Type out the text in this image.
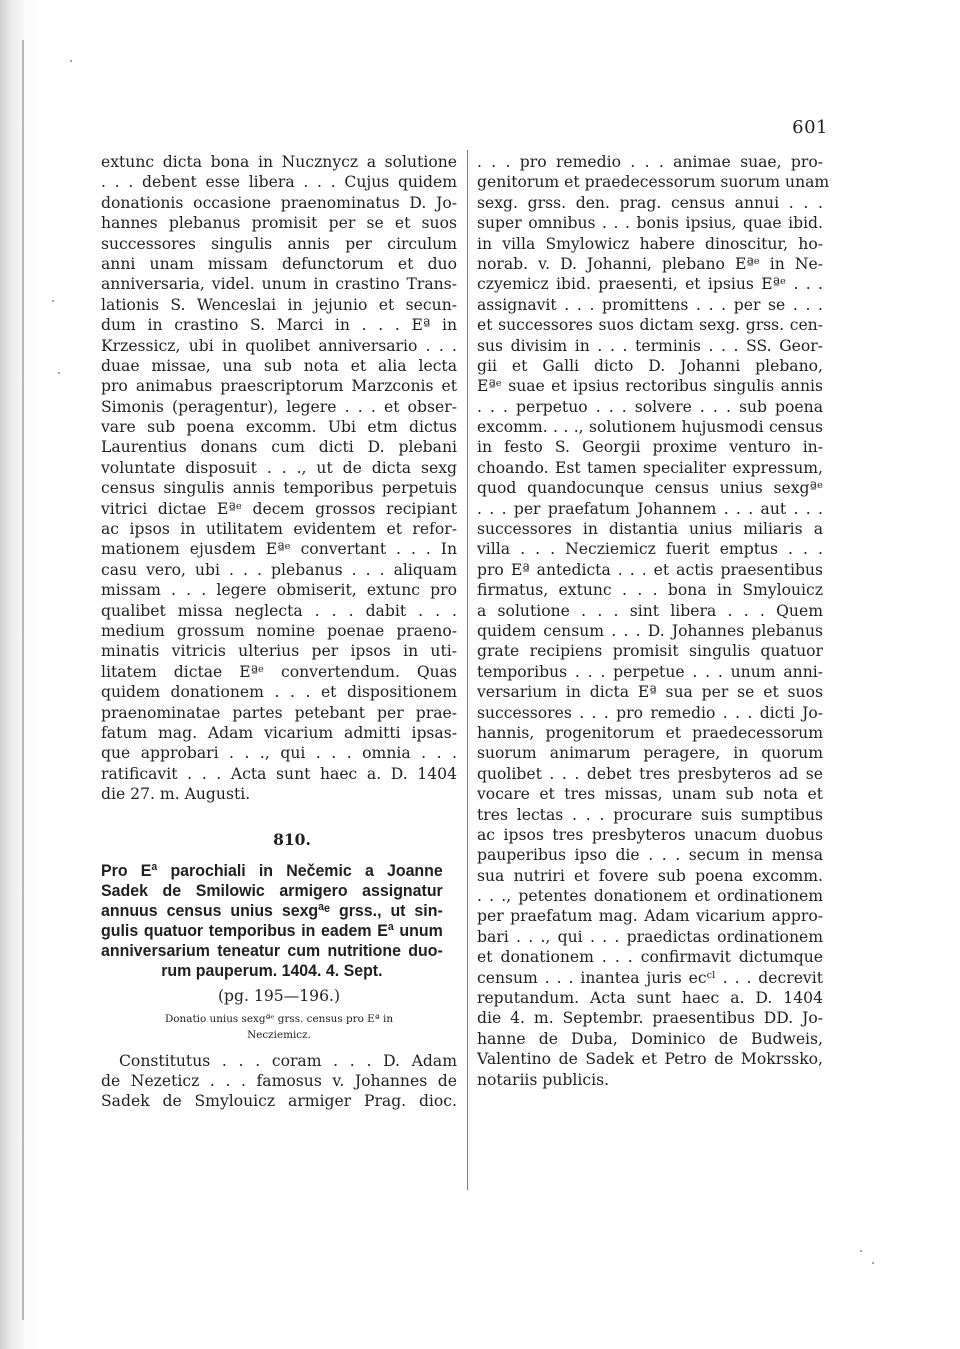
601
extunc dicta bona in Nucznycz a solutione
. . . debent esse libera . . . Cujus quidem
donationis occasione praenominatus D. Jo-
hannes plebanus promisit per se et suos
successores singulis annis per circulum
anni unam missam defunctorum et duo
anniversaria, videl. unum in crastino Trans-
lationis S. Wenceslai in jejunio et secun-
dum in crastino S. Marci in . . . Eª in
Krzessicz, ubi in quolibet anniversario . . .
duae missae, una sub nota et alia lecta
pro animabus praescriptorum Marzconis et
Simonis (peragentur), legere . . . et obser-
vare sub poena excomm. Ubi etm dictus
Laurentius donans cum dicti D. plebani
voluntate disposuit . . ., ut de dicta sexg
census singulis annis temporibus perpetuis
vitrici dictae Eªᵉ decem grossos recipiant
ac ipsos in utilitatem evidentem et refor-
mationem ejusdem Eªᵉ convertant . . . In
casu vero, ubi . . . plebanus . . . aliquam
missam . . . legere obmiserit, extunc pro
qualibet missa neglecta . . . dabit . . .
medium grossum nomine poenae praeno-
minatis vitricis ulterius per ipsos in uti-
litatem dictae Eªᵉ convertendum. Quas
quidem donationem . . . et dispositionem
praenominatae partes petebant per prae-
fatum mag. Adam vicarium admitti ipsas-
que approbari . . ., qui . . . omnia . . .
ratificavit . . . Acta sunt haec a. D. 1404
die 27. m. Augusti.
810.
Pro Eª parochiali in Nečemic a Joanne
Sadek de Smilowic armigero assignatur
annuus census unius sexgªᵉ grss., ut sin-
gulis quatuor temporibus in eadem Eª unum
anniversarium teneatur cum nutritione duo-
rum pauperum. 1404. 4. Sept.
(pg. 195—196.)
Donatio unius sexgªᵉ grss. census pro Eª in
Necziemicz.
Constitutus . . . coram . . . D. Adam
de Nezeticz . . . famosus v. Johannes de
Sadek de Smylouicz armiger Prag. dioc.
. . . pro remedio . . . animae suae, pro-
genitorum et praedecessorum suorum unam
sexg. grss. den. prag. census annui . . .
super omnibus . . . bonis ipsius, quae ibid.
in villa Smylowicz habere dinoscitur, ho-
norab. v. D. Johanni, plebano Eªᵉ in Ne-
czyemicz ibid. praesenti, et ipsius Eªᵉ . . .
assignavit . . . promittens . . . per se . . .
et successores suos dictam sexg. grss. cen-
sus divisim in . . . terminis . . . SS. Geor-
gii et Galli dicto D. Johanni plebano,
Eªᵉ suae et ipsius rectoribus singulis annis
. . . perpetuo . . . solvere . . . sub poena
excomm. . . ., solutionem hujusmodi census
in festo S. Georgii proxime venturo in-
choando. Est tamen specialiter expressum,
quod quandocunque census unius sexgªᵉ
. . . per praefatum Johannem . . . aut . . .
successores in distantia unius miliaris a
villa . . . Necziemicz fuerit emptus . . .
pro Eª antedicta . . . et actis praesentibus
firmatus, extunc . . . bona in Smylouicz
a solutione . . . sint libera . . . Quem
quidem censum . . . D. Johannes plebanus
grate recipiens promisit singulis quatuor
temporibus . . . perpetue . . . unum anni-
versarium in dicta Eª sua per se et suos
successores . . . pro remedio . . . dicti Jo-
hannis, progenitorum et praedecessorum
suorum animarum peragere, in quorum
quolibet . . . debet tres presbyteros ad se
vocare et tres missas, unam sub nota et
tres lectas . . . procurare suis sumptibus
ac ipsos tres presbyteros unacum duobus
pauperibus ipso die . . . secum in mensa
sua nutriri et fovere sub poena excomm.
. . ., petentes donationem et ordinationem
per praefatum mag. Adam vicarium appro-
bari . . ., qui . . . praedictas ordinationem
et donationem . . . confirmavit dictumque
censum . . . inantea juris ecᶜˡ . . . decrevit
reputandum. Acta sunt haec a. D. 1404
die 4. m. Septembr. praesentibus DD. Jo-
hanne de Duba, Dominico de Budweis,
Valentino de Sadek et Petro de Mokrssko,
notariis publicis.
